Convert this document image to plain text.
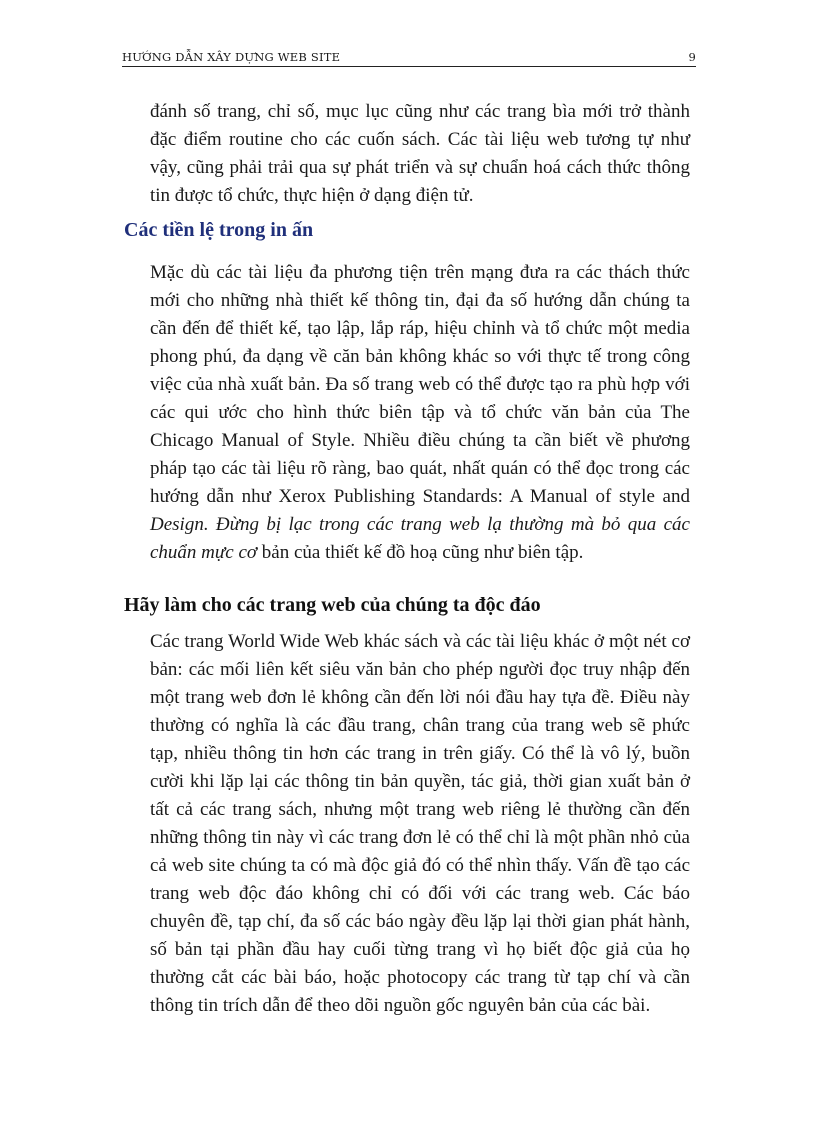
HƯỚNG DẪN XÂY DỰNG WEB SITE	9

đánh số trang, chỉ số, mục lục cũng như các trang bìa mới trở thành đặc điểm routine cho các cuốn sách. Các tài liệu web tương tự như vậy, cũng phải trải qua sự phát triển và sự chuẩn hoá cách thức thông tin được tổ chức, thực hiện ở dạng điện tử.

Các tiền lệ trong in ấn

Mặc dù các tài liệu đa phương tiện trên mạng đưa ra các thách thức mới cho những nhà thiết kế thông tin, đại đa số hướng dẫn chúng ta cần đến để thiết kế, tạo lập, lắp ráp, hiệu chỉnh và tổ chức một media phong phú, đa dạng về căn bản không khác so với thực tế trong công việc của nhà xuất bản. Đa số trang web có thể được tạo ra phù hợp với các qui ước cho hình thức biên tập và tổ chức văn bản của The Chicago Manual of Style. Nhiều điều chúng ta cần biết về phương pháp tạo các tài liệu rõ ràng, bao quát, nhất quán có thể đọc trong các hướng dẫn như Xerox Publishing Standards: A Manual of style and Design. Đừng bị lạc trong các trang web lạ thường mà bỏ qua các chuẩn mực cơ bản của thiết kế đồ hoạ cũng như biên tập.

Hãy làm cho các trang web của chúng ta độc đáo

Các trang World Wide Web khác sách và các tài liệu khác ở một nét cơ bản: các mối liên kết siêu văn bản cho phép người đọc truy nhập đến một trang web đơn lẻ không cần đến lời nói đầu hay tựa đề. Điều này thường có nghĩa là các đầu trang, chân trang của trang web sẽ phức tạp, nhiều thông tin hơn các trang in trên giấy. Có thể là vô lý, buồn cười khi lặp lại các thông tin bản quyền, tác giả, thời gian xuất bản ở tất cả các trang sách, nhưng một trang web riêng lẻ thường cần đến những thông tin này vì các trang đơn lẻ có thể chỉ là một phần nhỏ của cả web site chúng ta có mà độc giả đó có thể nhìn thấy. Vấn đề tạo các trang web độc đáo không chỉ có đối với các trang web. Các báo chuyên đề, tạp chí, đa số các báo ngày đều lặp lại thời gian phát hành, số bản tại phần đầu hay cuối từng trang vì họ biết độc giả của họ thường cắt các bài báo, hoặc photocopy các trang từ tạp chí và cần thông tin trích dẫn để theo dõi nguồn gốc nguyên bản của các bài.
